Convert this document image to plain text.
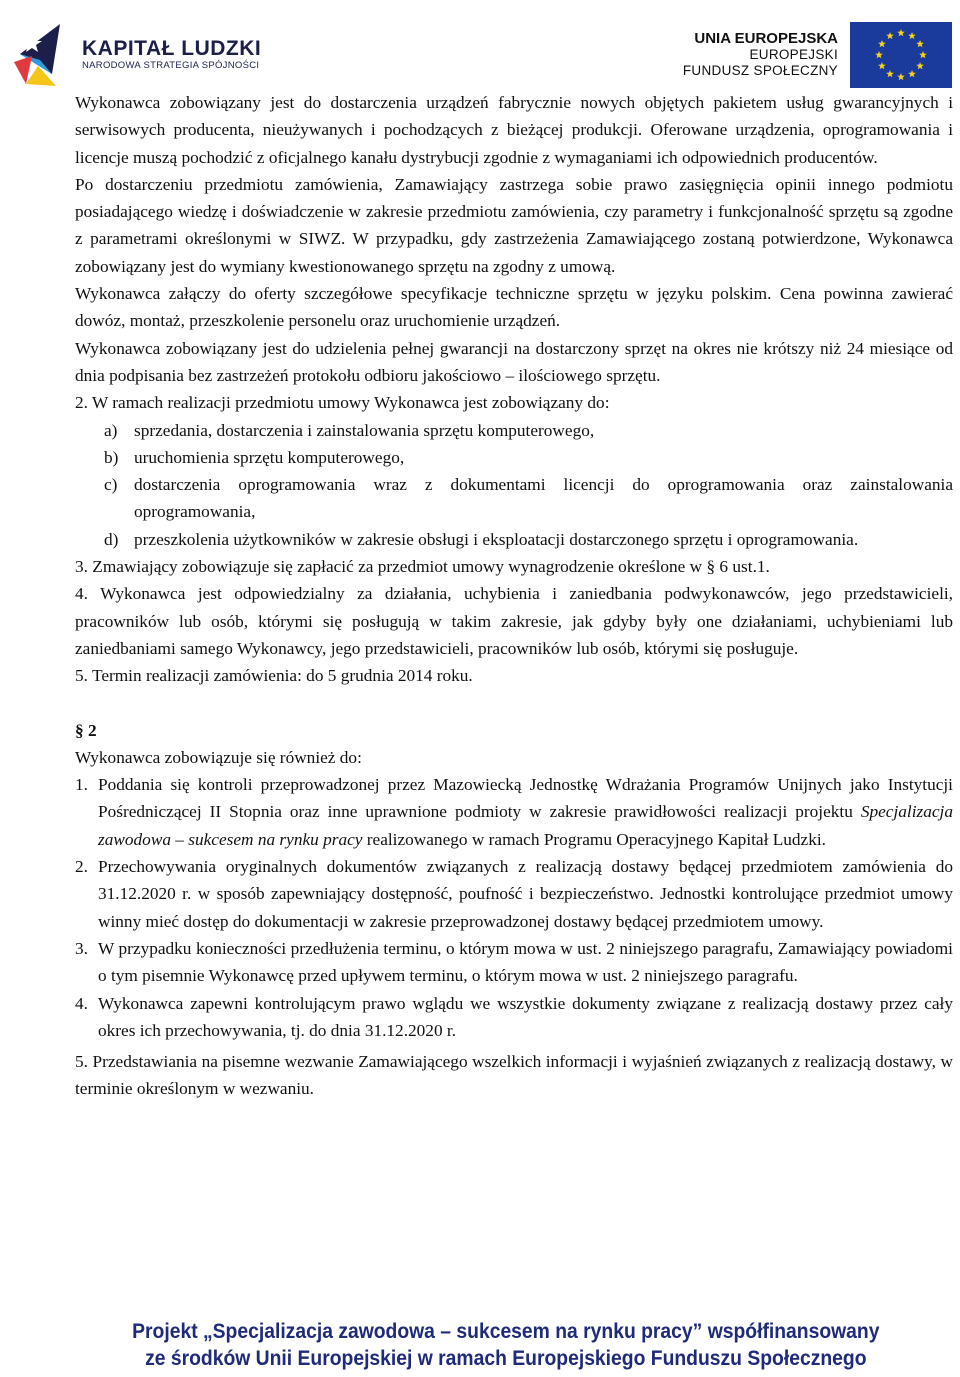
KAPITAŁ LUDZKI
NARODOWA STRATEGIA SPÓJNOŚCI
UNIA EUROPEJSKA
EUROPEJSKI
FUNDUSZ SPOŁECZNY

Wykonawca zobowiązany jest do dostarczenia urządzeń fabrycznie nowych objętych pakietem usług gwarancyjnych i serwisowych producenta, nieużywanych i pochodzących z bieżącej produkcji. Oferowane urządzenia, oprogramowania i licencje muszą pochodzić z oficjalnego kanału dystrybucji zgodnie z wymaganiami ich odpowiednich producentów.

Po dostarczeniu przedmiotu zamówienia, Zamawiający zastrzega sobie prawo zasięgnięcia opinii innego podmiotu posiadającego wiedzę i doświadczenie w zakresie przedmiotu zamówienia, czy parametry i funkcjonalność sprzętu są zgodne z parametrami określonymi w SIWZ. W przypadku, gdy zastrzeżenia Zamawiającego zostaną potwierdzone, Wykonawca zobowiązany jest do wymiany kwestionowanego sprzętu na zgodny z umową.

Wykonawca załączy do oferty szczegółowe specyfikacje techniczne sprzętu w języku polskim. Cena powinna zawierać dowóz, montaż, przeszkolenie personelu oraz uruchomienie urządzeń.

Wykonawca zobowiązany jest do udzielenia pełnej gwarancji na dostarczony sprzęt na okres nie krótszy niż 24 miesiące od dnia podpisania bez zastrzeżeń protokołu odbioru jakościowo – ilościowego sprzętu.

2. W ramach realizacji przedmiotu umowy Wykonawca jest zobowiązany do:

a) sprzedania, dostarczenia i zainstalowania sprzętu komputerowego,
b) uruchomienia sprzętu komputerowego,
c) dostarczenia oprogramowania wraz z dokumentami licencji do oprogramowania oraz zainstalowania oprogramowania,
d) przeszkolenia użytkowników w zakresie obsługi i eksploatacji dostarczonego sprzętu i oprogramowania.

3. Zmawiający zobowiązuje się zapłacić za przedmiot umowy wynagrodzenie określone w § 6 ust.1.

4. Wykonawca jest odpowiedzialny za działania, uchybienia i zaniedbania podwykonawców, jego przedstawicieli, pracowników lub osób, którymi się posługują w takim zakresie, jak gdyby były one działaniami, uchybieniami lub zaniedbaniami samego Wykonawcy, jego przedstawicieli, pracowników lub osób, którymi się posługuje.

5. Termin realizacji zamówienia: do 5 grudnia 2014 roku.

§ 2

Wykonawca zobowiązuje się również do:

1. Poddania się kontroli przeprowadzonej przez Mazowiecką Jednostkę Wdrażania Programów Unijnych jako Instytucji Pośredniczącej II Stopnia oraz inne uprawnione podmioty w zakresie prawidłowości realizacji projektu Specjalizacja zawodowa – sukcesem na rynku pracy realizowanego w ramach Programu Operacyjnego Kapitał Ludzki.
2. Przechowywania oryginalnych dokumentów związanych z realizacją dostawy będącej przedmiotem zamówienia do 31.12.2020 r. w sposób zapewniający dostępność, poufność i bezpieczeństwo. Jednostki kontrolujące przedmiot umowy winny mieć dostęp do dokumentacji w zakresie przeprowadzonej dostawy będącej przedmiotem umowy.
3. W przypadku konieczności przedłużenia terminu, o którym mowa w ust. 2 niniejszego paragrafu, Zamawiający powiadomi o tym pisemnie Wykonawcę przed upływem terminu, o którym mowa w ust. 2 niniejszego paragrafu.
4. Wykonawca zapewni kontrolującym prawo wglądu we wszystkie dokumenty związane z realizacją dostawy przez cały okres ich przechowywania, tj. do dnia 31.12.2020 r.

5. Przedstawiania na pisemne wezwanie Zamawiającego wszelkich informacji i wyjaśnień związanych z realizacją dostawy, w terminie określonym w wezwaniu.

Projekt „Specjalizacja zawodowa – sukcesem na rynku pracy” współfinansowany
ze środków Unii Europejskiej w ramach Europejskiego Funduszu Społecznego
